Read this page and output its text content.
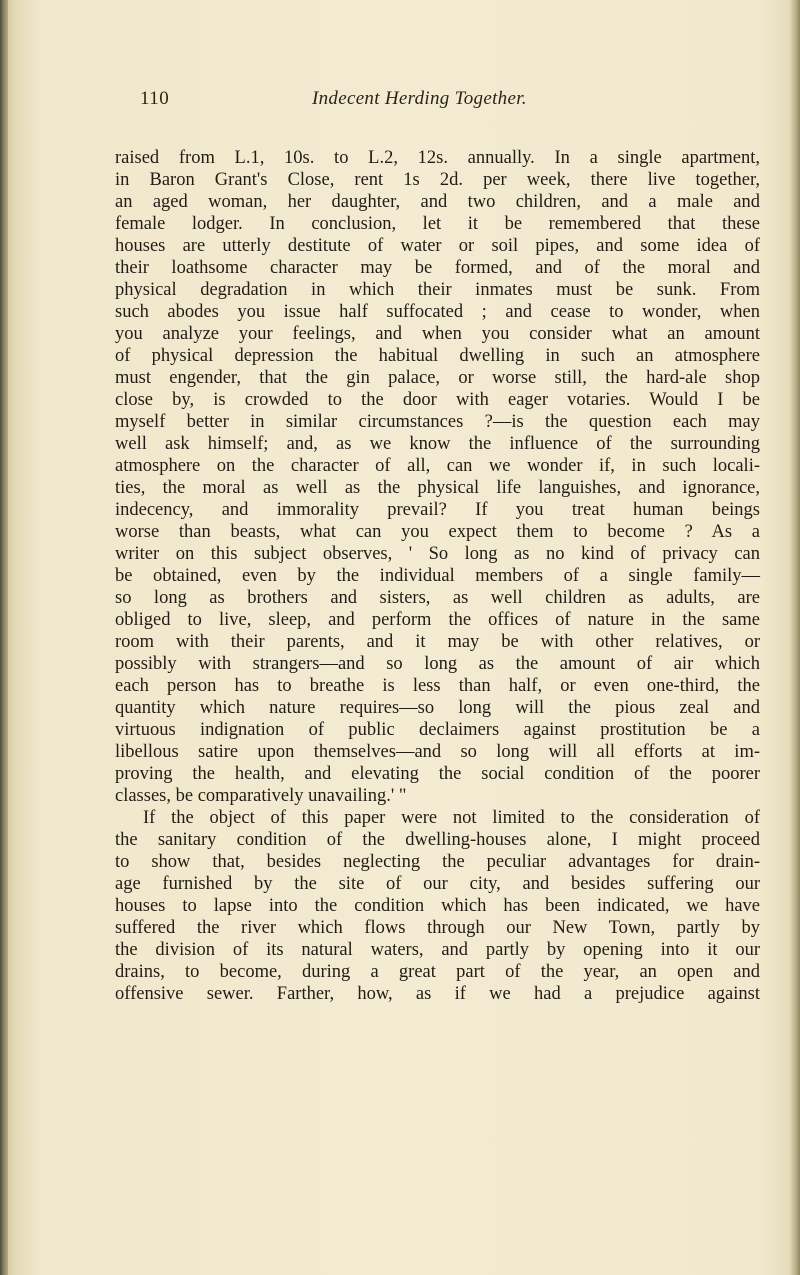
110	Indecent Herding Together.
raised from L.1, 10s. to L.2, 12s. annually. In a single apartment,
in Baron Grant's Close, rent 1s 2d. per week, there live together,
an aged woman, her daughter, and two children, and a male and
female lodger. In conclusion, let it be remembered that these
houses are utterly destitute of water or soil pipes, and some idea of
their loathsome character may be formed, and of the moral and
physical degradation in which their inmates must be sunk. From
such abodes you issue half suffocated ; and cease to wonder, when
you analyze your feelings, and when you consider what an amount
of physical depression the habitual dwelling in such an atmosphere
must engender, that the gin palace, or worse still, the hard-ale shop
close by, is crowded to the door with eager votaries. Would I be
myself better in similar circumstances ?—is the question each may
well ask himself; and, as we know the influence of the surrounding
atmosphere on the character of all, can we wonder if, in such locali-
ties, the moral as well as the physical life languishes, and ignorance,
indecency, and immorality prevail? If you treat human beings
worse than beasts, what can you expect them to become ? As a
writer on this subject observes, ' So long as no kind of privacy can
be obtained, even by the individual members of a single family—
so long as brothers and sisters, as well children as adults, are
obliged to live, sleep, and perform the offices of nature in the same
room with their parents, and it may be with other relatives, or
possibly with strangers—and so long as the amount of air which
each person has to breathe is less than half, or even one-third, the
quantity which nature requires—so long will the pious zeal and
virtuous indignation of public declaimers against prostitution be a
libellous satire upon themselves—and so long will all efforts at im-
proving the health, and elevating the social condition of the poorer
classes, be comparatively unavailing.' "
If the object of this paper were not limited to the consideration of
the sanitary condition of the dwelling-houses alone, I might proceed
to show that, besides neglecting the peculiar advantages for drain-
age furnished by the site of our city, and besides suffering our
houses to lapse into the condition which has been indicated, we have
suffered the river which flows through our New Town, partly by
the division of its natural waters, and partly by opening into it our
drains, to become, during a great part of the year, an open and
offensive sewer. Farther, how, as if we had a prejudice against
